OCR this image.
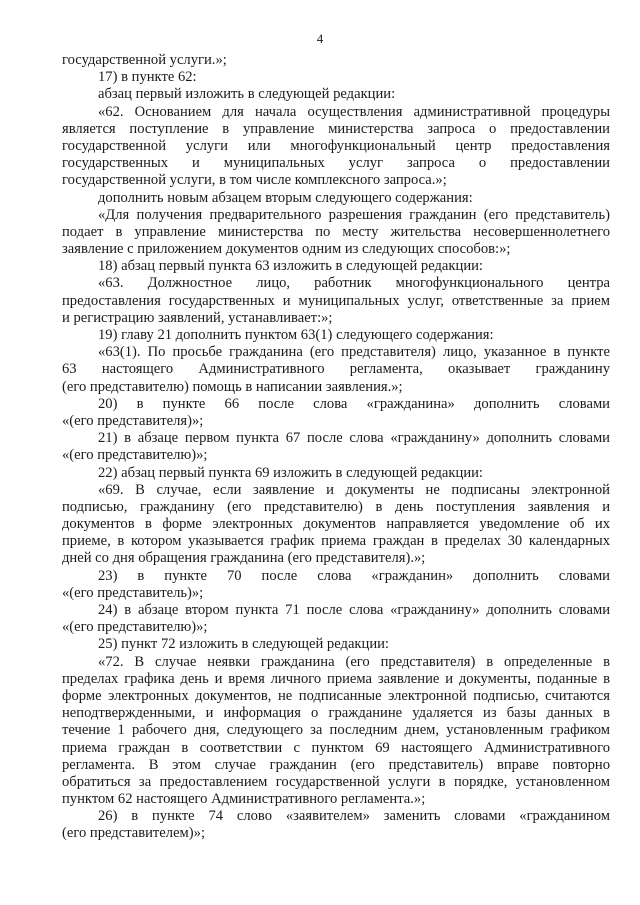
4
государственной услуги.»;
17) в пункте 62:
абзац первый изложить в следующей редакции:
«62. Основанием для начала осуществления административной процедуры
является поступление в управление министерства запроса о предоставлении
государственной услуги или многофункциональный центр предоставления
государственных и муниципальных услуг запроса о предоставлении
государственной услуги, в том числе комплексного запроса.»;
дополнить новым абзацем вторым следующего содержания:
«Для получения предварительного разрешения гражданин (его представитель)
подает в управление министерства по месту жительства несовершеннолетнего
заявление с приложением документов одним из следующих способов:»;
18) абзац первый пункта 63 изложить в следующей редакции:
«63. Должностное лицо, работник многофункционального центра
предоставления государственных и муниципальных услуг, ответственные за прием
и регистрацию заявлений, устанавливает:»;
19) главу 21 дополнить пунктом 63(1) следующего содержания:
«63(1). По просьбе гражданина (его представителя) лицо, указанное в пункте
63 настоящего Административного регламента, оказывает гражданину
(его представителю) помощь в написании заявления.»;
20) в пункте 66 после слова «гражданина» дополнить словами
«(его представителя)»;
21) в абзаце первом пункта 67 после слова «гражданину» дополнить словами
«(его представителю)»;
22) абзац первый пункта 69 изложить в следующей редакции:
«69. В случае, если заявление и документы не подписаны электронной
подписью, гражданину (его представителю) в день поступления заявления и
документов в форме электронных документов направляется уведомление об их
приеме, в котором указывается график приема граждан в пределах 30 календарных
дней со дня обращения гражданина (его представителя).»;
23) в пункте 70 после слова «гражданин» дополнить словами
«(его представитель)»;
24) в абзаце втором пункта 71 после слова «гражданину» дополнить словами
«(его представителю)»;
25) пункт 72 изложить в следующей редакции:
«72. В случае неявки гражданина (его представителя) в определенные в
пределах графика день и время личного приема заявление и документы, поданные в
форме электронных документов, не подписанные электронной подписью, считаются
неподтвержденными, и информация о гражданине удаляется из базы данных в
течение 1 рабочего дня, следующего за последним днем, установленным графиком
приема граждан в соответствии с пунктом 69 настоящего Административного
регламента. В этом случае гражданин (его представитель) вправе повторно
обратиться за предоставлением государственной услуги в порядке, установленном
пунктом 62 настоящего Административного регламента.»;
26) в пункте 74 слово «заявителем» заменить словами «гражданином
(его представителем)»;
